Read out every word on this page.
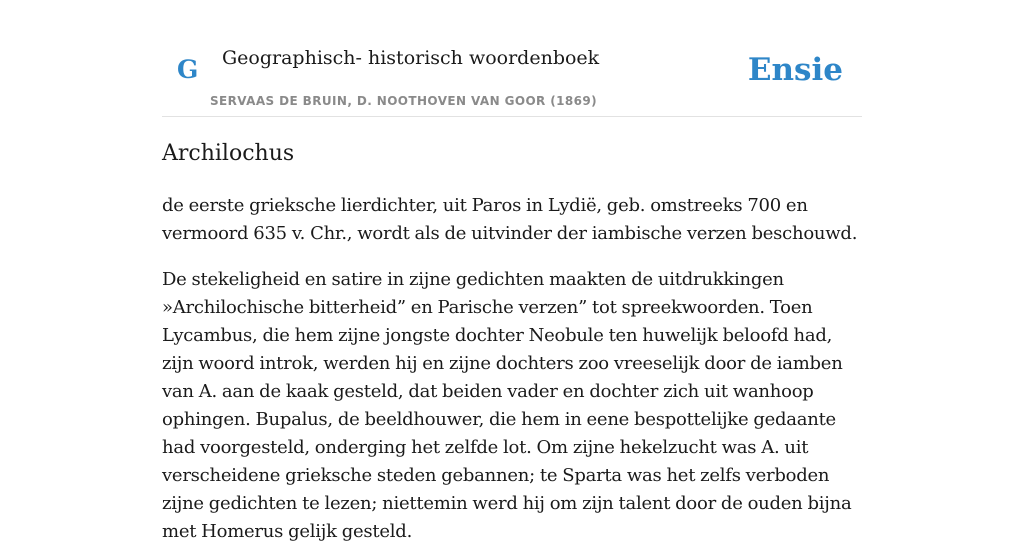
G Geographisch- historisch woordenboek
SERVAAS DE BRUIN, D. NOOTHOVEN VAN GOOR (1869)
Ensie
Archilochus

de eerste grieksche lierdichter, uit Paros in Lydië, geb. omstreeks 700 en vermoord 635 v. Chr., wordt als de uitvinder der iambische verzen beschouwd.

De stekeligheid en satire in zijne gedichten maakten de uitdrukkingen »Archilochische bitterheid” en Parische verzen” tot spreekwoorden. Toen Lycambus, die hem zijne jongste dochter Neobule ten huwelijk beloofd had, zijn woord introk, werden hij en zijne dochters zoo vreeselijk door de iamben van A. aan de kaak gesteld, dat beiden vader en dochter zich uit wanhoop ophingen. Bupalus, de beeldhouwer, die hem in eene bespottelijke gedaante had voorgesteld, onderging het zelfde lot. Om zijne hekelzucht was A. uit verscheidene grieksche steden gebannen; te Sparta was het zelfs verboden zijne gedichten te lezen; niettemin werd hij om zijn talent door de ouden bijna met Homerus gelijk gesteld.
